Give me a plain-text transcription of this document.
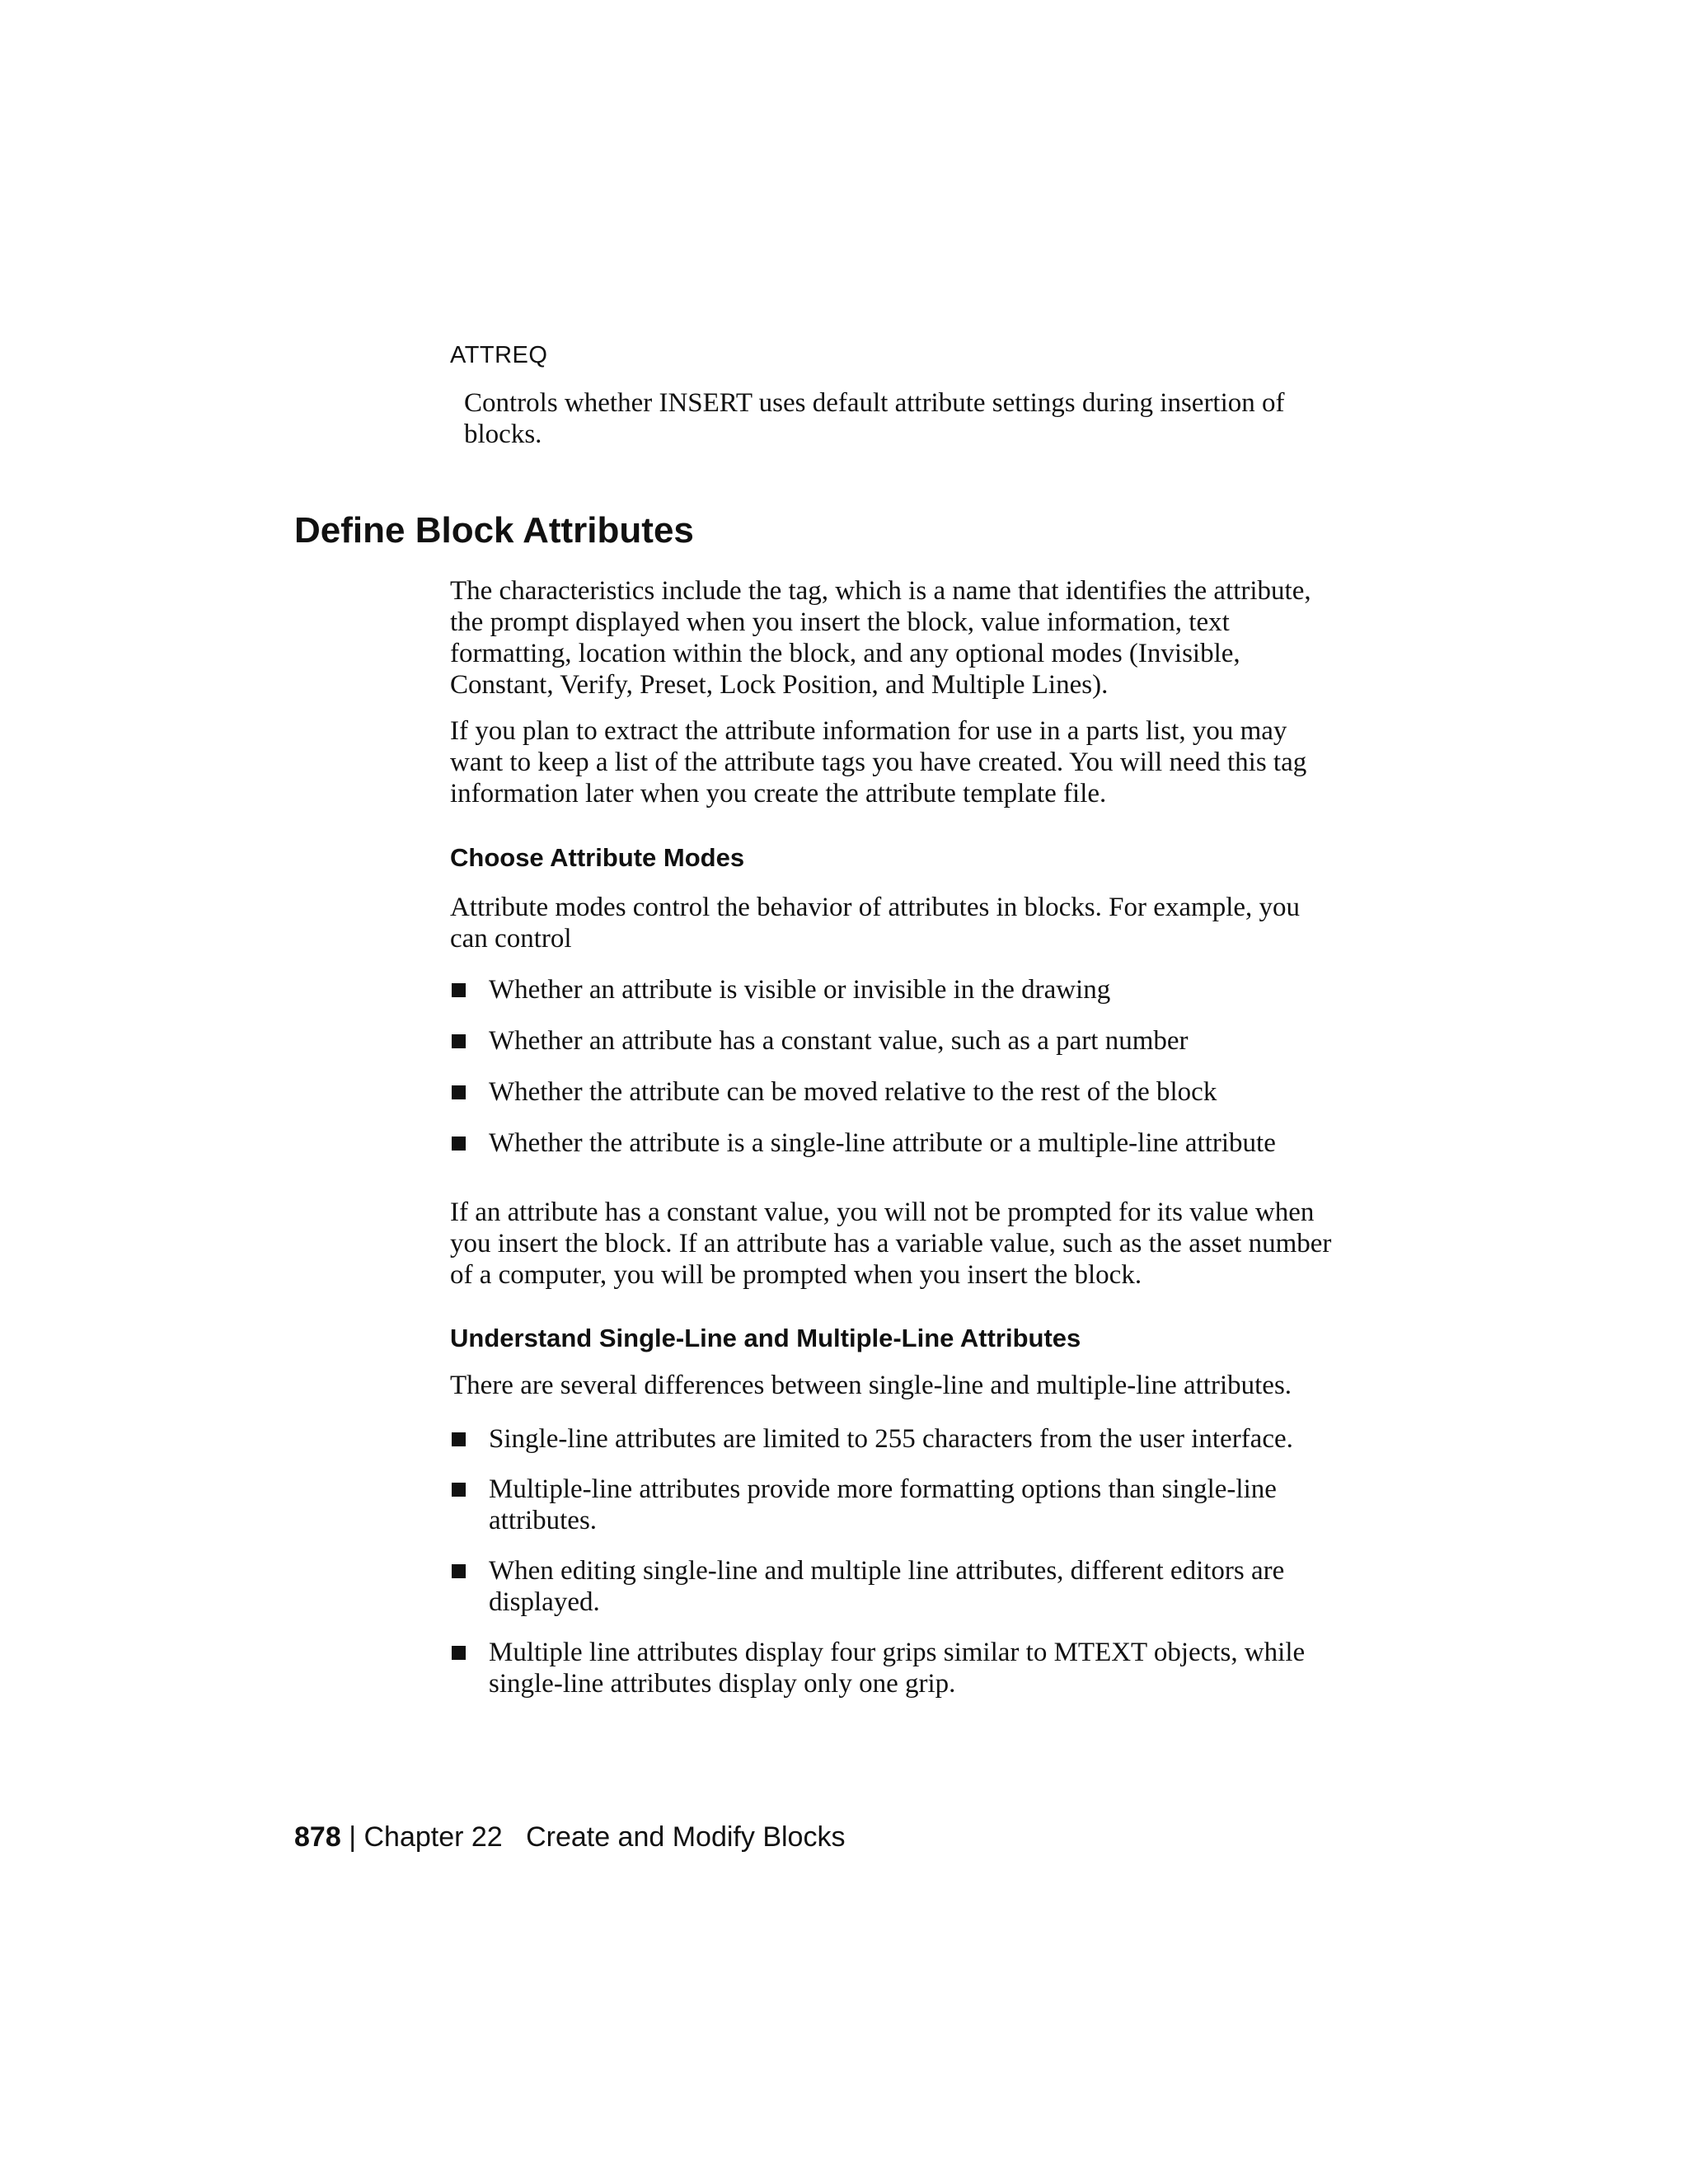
ATTREQ

Controls whether INSERT uses default attribute settings during insertion of blocks.

Define Block Attributes

The characteristics include the tag, which is a name that identifies the attribute, the prompt displayed when you insert the block, value information, text formatting, location within the block, and any optional modes (Invisible, Constant, Verify, Preset, Lock Position, and Multiple Lines).

If you plan to extract the attribute information for use in a parts list, you may want to keep a list of the attribute tags you have created. You will need this tag information later when you create the attribute template file.

Choose Attribute Modes

Attribute modes control the behavior of attributes in blocks. For example, you can control

Whether an attribute is visible or invisible in the drawing
Whether an attribute has a constant value, such as a part number
Whether the attribute can be moved relative to the rest of the block
Whether the attribute is a single-line attribute or a multiple-line attribute

If an attribute has a constant value, you will not be prompted for its value when you insert the block. If an attribute has a variable value, such as the asset number of a computer, you will be prompted when you insert the block.

Understand Single-Line and Multiple-Line Attributes

There are several differences between single-line and multiple-line attributes.

Single-line attributes are limited to 255 characters from the user interface.
Multiple-line attributes provide more formatting options than single-line attributes.
When editing single-line and multiple line attributes, different editors are displayed.
Multiple line attributes display four grips similar to MTEXT objects, while single-line attributes display only one grip.
878 | Chapter 22 Create and Modify Blocks
